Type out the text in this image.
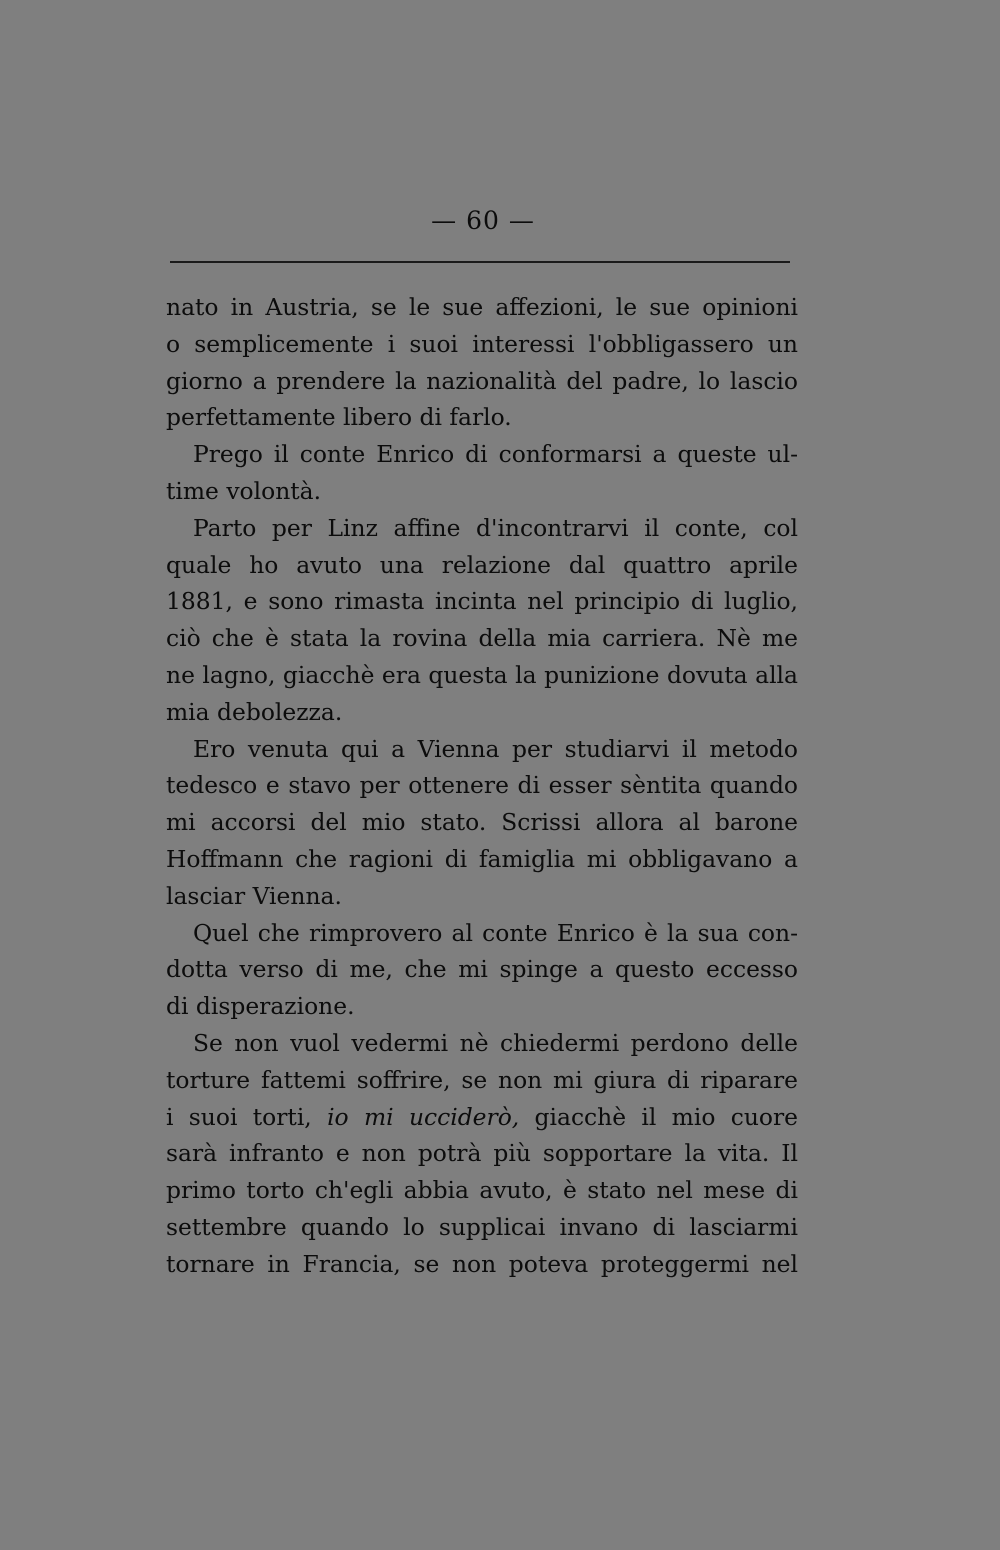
— 60 —
nato in Austria, se le sue affezioni, le sue opinioni
o semplicemente i suoi interessi l'obbligassero un
giorno a prendere la nazionalità del padre, lo lascio
perfettamente libero di farlo.
Prego il conte Enrico di conformarsi a queste ul-
time volontà.
Parto per Linz affine d'incontrarvi il conte, col
quale ho avuto una relazione dal quattro aprile
1881, e sono rimasta incinta nel principio di luglio,
ciò che è stata la rovina della mia carriera. Nè me
ne lagno, giacchè era questa la punizione dovuta alla
mia debolezza.
Ero venuta qui a Vienna per studiarvi il metodo
tedesco e stavo per ottenere di esser sèntita quando
mi accorsi del mio stato. Scrissi allora al barone
Hoffmann che ragioni di famiglia mi obbligavano a
lasciar Vienna.
Quel che rimprovero al conte Enrico è la sua con-
dotta verso di me, che mi spinge a questo eccesso
di disperazione.
Se non vuol vedermi nè chiedermi perdono delle
torture fattemi soffrire, se non mi giura di riparare
i suoi torti, io mi ucciderò, giacchè il mio cuore
sarà infranto e non potrà più sopportare la vita. Il
primo torto ch'egli abbia avuto, è stato nel mese di
settembre quando lo supplicai invano di lasciarmi
tornare in Francia, se non poteva proteggermi nel
